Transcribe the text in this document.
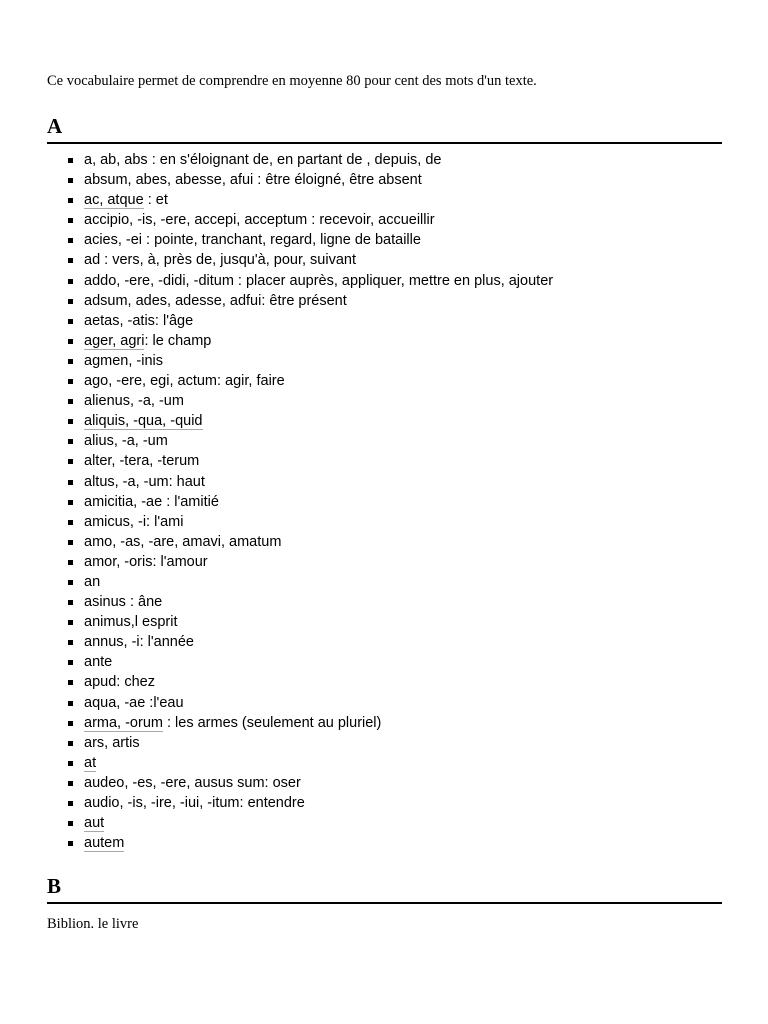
Ce vocabulaire permet de comprendre en moyenne 80 pour cent des mots d'un texte.
A
a, ab, abs : en s'éloignant de, en partant de , depuis, de
absum, abes, abesse, afui : être éloigné, être absent
ac, atque : et
accipio, -is, -ere, accepi, acceptum : recevoir, accueillir
acies, -ei : pointe, tranchant, regard, ligne de bataille
ad : vers, à, près de, jusqu'à, pour, suivant
addo, -ere, -didi, -ditum : placer auprès, appliquer, mettre en plus, ajouter
adsum, ades, adesse, adfui: être présent
aetas, -atis: l'âge
ager, agri: le champ
agmen, -inis
ago, -ere, egi, actum: agir, faire
alienus, -a, -um
aliquis, -qua, -quid
alius, -a, -um
alter, -tera, -terum
altus, -a, -um: haut
amicitia, -ae : l'amitié
amicus, -i: l'ami
amo, -as, -are, amavi, amatum
amor, -oris: l'amour
an
asinus : âne
animus,l esprit
annus, -i: l'année
ante
apud: chez
aqua, -ae :l'eau
arma, -orum : les armes (seulement au pluriel)
ars, artis
at
audeo, -es, -ere, ausus sum: oser
audio, -is, -ire, -iui, -itum: entendre
aut
autem
B
Biblion. le livre
